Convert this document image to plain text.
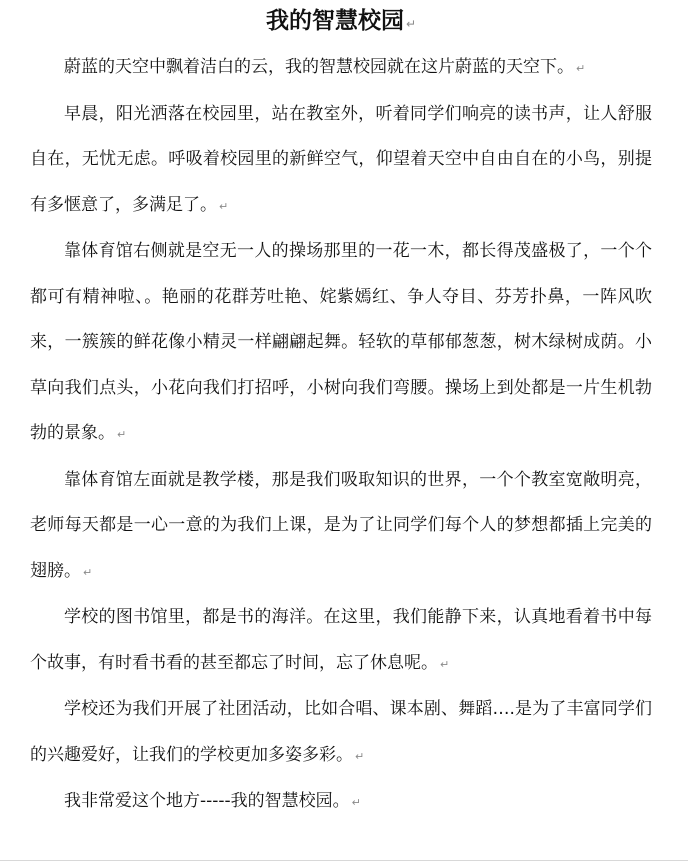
我的智慧校园 ↵

蔚蓝的天空中飘着洁白的云，我的智慧校园就在这片蔚蓝的天空下。 ↵

早晨，阳光洒落在校园里，站在教室外，听着同学们响亮的读书声，让人舒服自在，无忧无虑。呼吸着校园里的新鲜空气，仰望着天空中自由自在的小鸟，别提有多惬意了，多满足了。 ↵

靠体育馆右侧就是空无一人的操场那里的一花一木，都长得茂盛极了，一个个都可有精神啦、。艳丽的花群芳吐艳、姹紫嫣红、争人夺目、芬芳扑鼻，一阵风吹来，一簇簇的鲜花像小精灵一样翩翩起舞。轻软的草郁郁葱葱，树木绿树成荫。小草向我们点头，小花向我们打招呼，小树向我们弯腰。操场上到处都是一片生机勃勃的景象。 ↵

靠体育馆左面就是教学楼，那是我们吸取知识的世界，一个个教室宽敞明亮，老师每天都是一心一意的为我们上课，是为了让同学们每个人的梦想都插上完美的翅膀。 ↵

学校的图书馆里，都是书的海洋。在这里，我们能静下来，认真地看着书中每个故事，有时看书看的甚至都忘了时间，忘了休息呢。 ↵

学校还为我们开展了社团活动，比如合唱、课本剧、舞蹈….是为了丰富同学们的兴趣爱好，让我们的学校更加多姿多彩。 ↵

我非常爱这个地方-----我的智慧校园。 ↵
